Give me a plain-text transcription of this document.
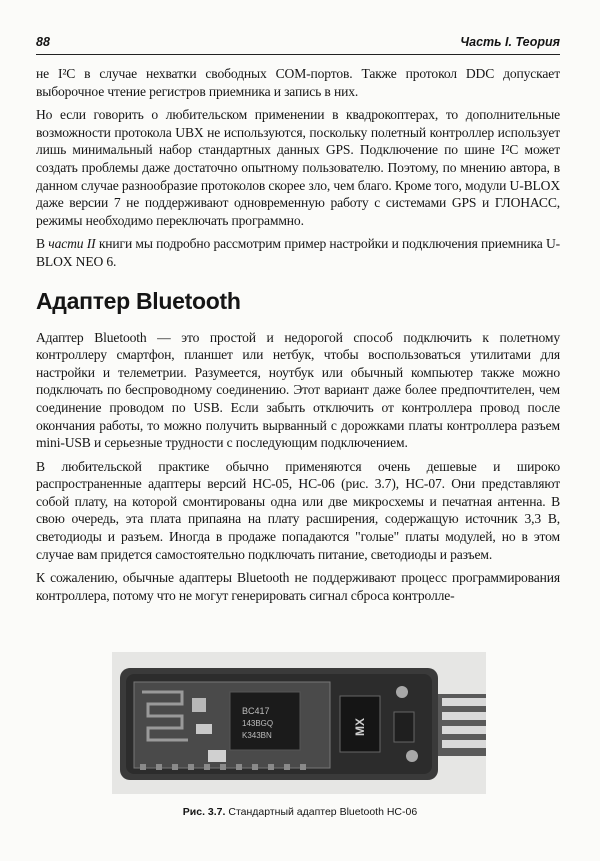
88	Часть I. Теория

не I²C в случае нехватки свободных COM-портов. Также протокол DDC допускает выборочное чтение регистров приемника и запись в них.

Но если говорить о любительском применении в квадрокоптерах, то дополнительные возможности протокола UBX не используются, поскольку полетный контроллер использует лишь минимальный набор стандартных данных GPS. Подключение по шине I²C может создать проблемы даже достаточно опытному пользователю. Поэтому, по мнению автора, в данном случае разнообразие протоколов скорее зло, чем благо. Кроме того, модули U-BLOX даже версии 7 не поддерживают одновременную работу с системами GPS и ГЛОНАСС, режимы необходимо переключать программно.

В части II книги мы подробно рассмотрим пример настройки и подключения приемника U-BLOX NEO 6.

Адаптер Bluetooth

Адаптер Bluetooth — это простой и недорогой способ подключить к полетному контроллеру смартфон, планшет или нетбук, чтобы воспользоваться утилитами для настройки и телеметрии. Разумеется, ноутбук или обычный компьютер также можно подключать по беспроводному соединению. Этот вариант даже более предпочтителен, чем соединение проводом по USB. Если забыть отключить от контроллера провод после окончания работы, то можно получить вырванный с дорожками платы контроллера разъем mini-USB и серьезные трудности с последующим подключением.

В любительской практике обычно применяются очень дешевые и широко распространенные адаптеры версий HC-05, HC-06 (рис. 3.7), HC-07. Они представляют собой плату, на которой смонтированы одна или две микросхемы и печатная антенна. В свою очередь, эта плата припаяна на плату расширения, содержащую источник 3,3 В, светодиоды и разъем. Иногда в продаже попадаются "голые" платы модулей, но в этом случае вам придется самостоятельно подключать питание, светодиоды и разъем.

К сожалению, обычные адаптеры Bluetooth не поддерживают процесс программирования контроллера, потому что не могут генерировать сигнал сброса контролле-

BC417
143BGQ
K343BN	MX
Рис. 3.7. Стандартный адаптер Bluetooth HC-06
